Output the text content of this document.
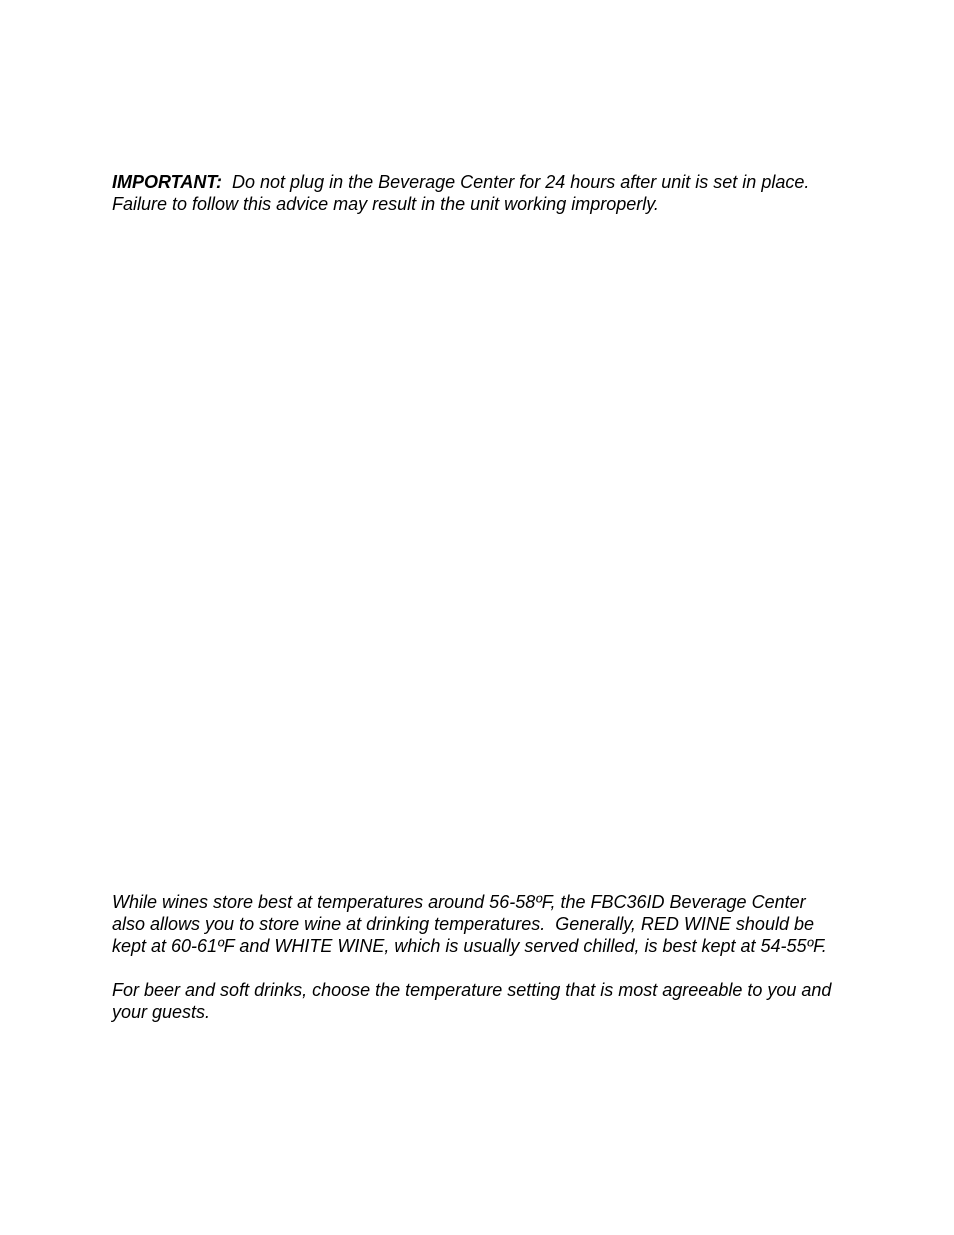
IMPORTANT: Do not plug in the Beverage Center for 24 hours after unit is set in place.
Failure to follow this advice may result in the unit working improperly.
While wines store best at temperatures around 56-58ºF, the FBC36ID Beverage Center
also allows you to store wine at drinking temperatures.  Generally, RED WINE should be
kept at 60-61ºF and WHITE WINE, which is usually served chilled, is best kept at 54-55ºF.
For beer and soft drinks, choose the temperature setting that is most agreeable to you and
your guests.
